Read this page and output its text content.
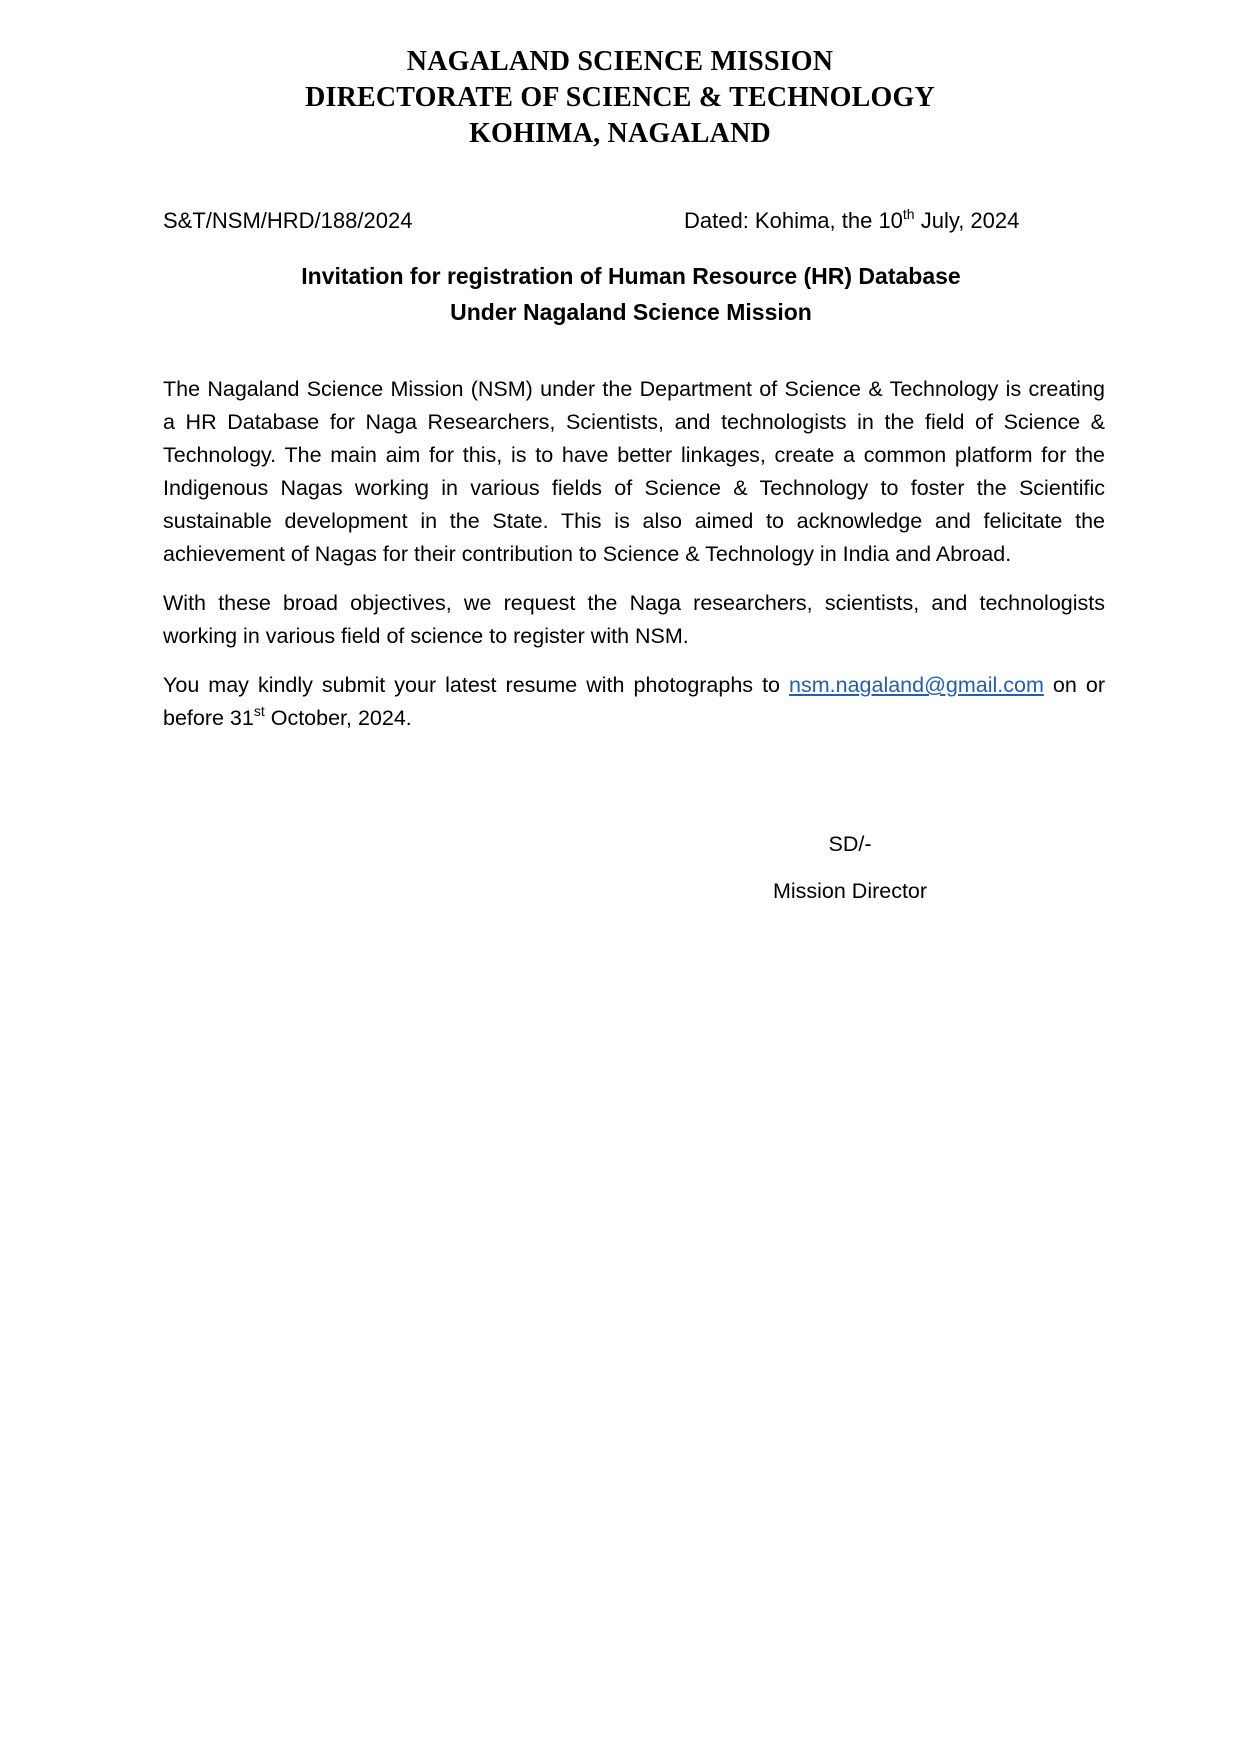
NAGALAND SCIENCE MISSION
DIRECTORATE OF SCIENCE & TECHNOLOGY
KOHIMA, NAGALAND
S&T/NSM/HRD/188/2024	Dated: Kohima, the 10th July, 2024
Invitation for registration of Human Resource (HR) Database
Under Nagaland Science Mission

The Nagaland Science Mission (NSM) under the Department of Science & Technology is creating a HR Database for Naga Researchers, Scientists, and technologists in the field of Science & Technology. The main aim for this, is to have better linkages, create a common platform for the Indigenous Nagas working in various fields of Science & Technology to foster the Scientific sustainable development in the State. This is also aimed to acknowledge and felicitate the achievement of Nagas for their contribution to Science & Technology in India and Abroad.

With these broad objectives, we request the Naga researchers, scientists, and technologists working in various field of science to register with NSM.

You may kindly submit your latest resume with photographs to nsm.nagaland@gmail.com on or before 31st October, 2024.

SD/-
Mission Director
